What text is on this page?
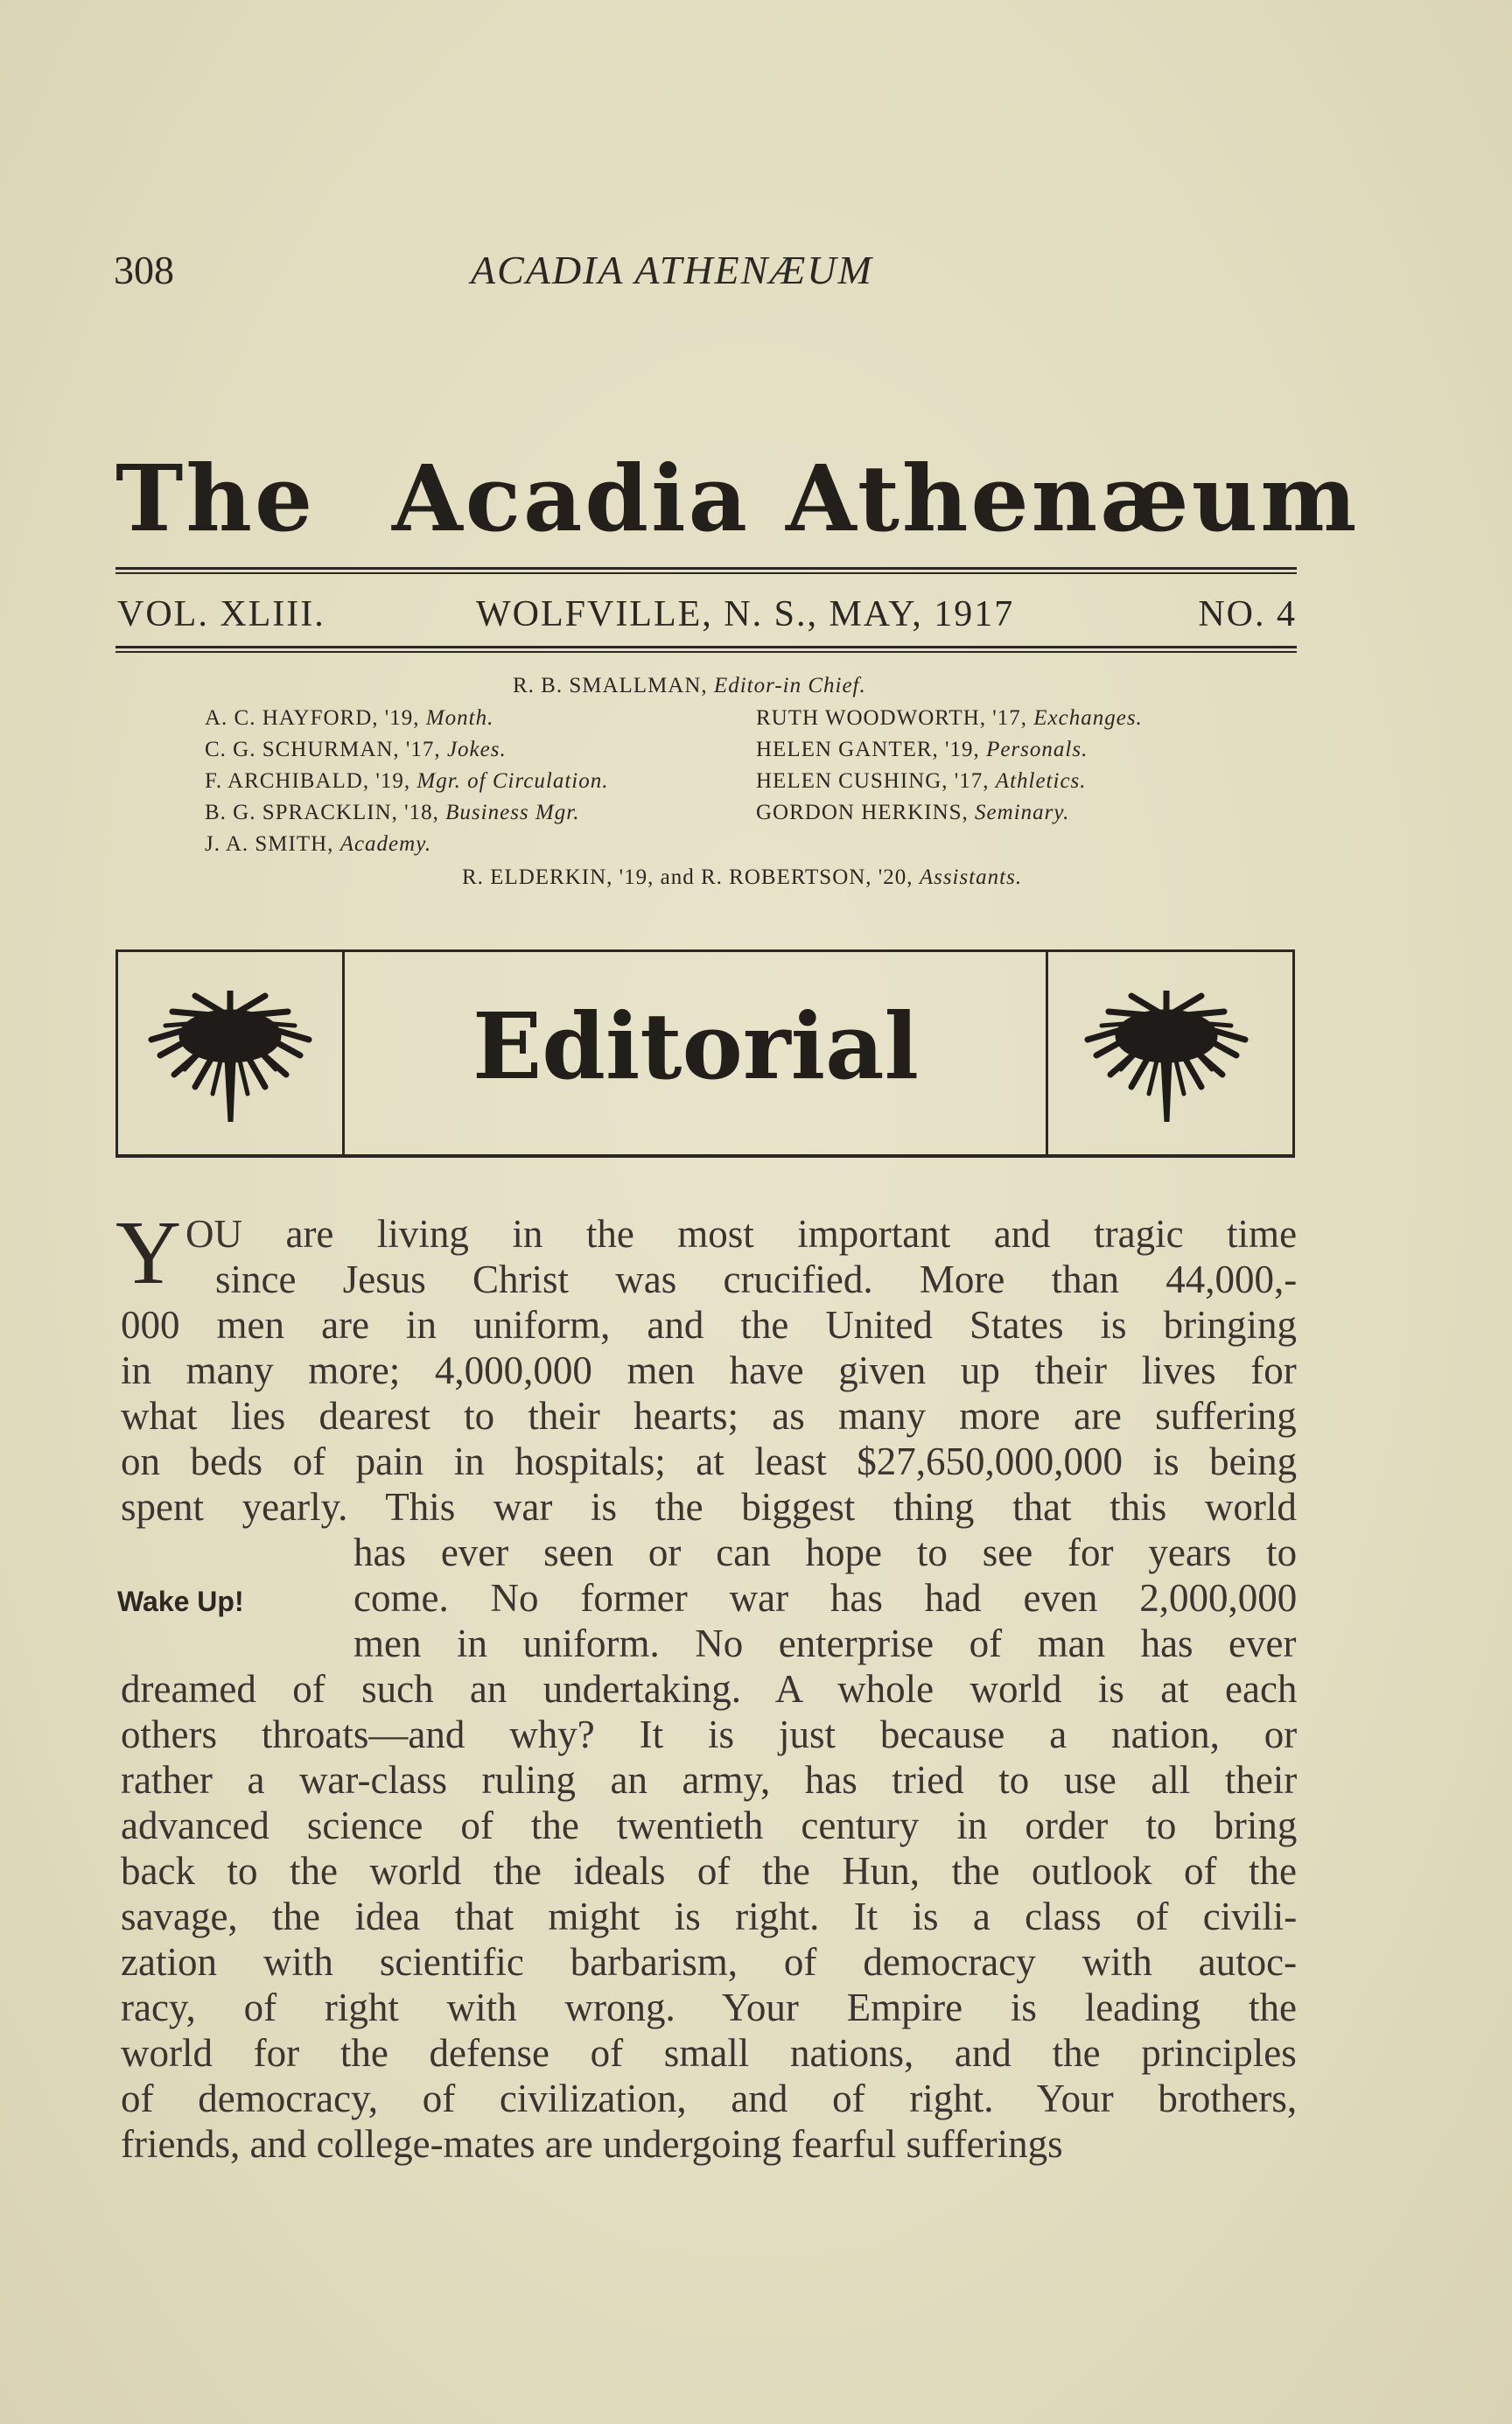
308	ACADIA ATHENÆUM
The Acadia Athenæum
VOL. XLIII.	WOLFVILLE, N. S., MAY, 1917	NO. 4
R. B. SMALLMAN, Editor-in Chief.
A. C. HAYFORD, '19, Month.
C. G. SCHURMAN, '17, Jokes.
F. ARCHIBALD, '19, Mgr. of Circulation.
B. G. SPRACKLIN, '18, Business Mgr.
J. A. SMITH, Academy.
RUTH WOODWORTH, '17, Exchanges.
HELEN GANTER, '19, Personals.
HELEN CUSHING, '17, Athletics.
GORDON HERKINS, Seminary.
R. ELDERKIN, '19, and R. ROBERTSON, '20, Assistants.
Editorial
Y OU are living in the most important and tragic time
since Jesus Christ was crucified. More than 44,000,-
000 men are in uniform, and the United States is bringing
in many more; 4,000,000 men have given up their lives for
what lies dearest to their hearts; as many more are suffering
on beds of pain in hospitals; at least $27,650,000,000 is being
spent yearly. This war is the biggest thing that this world
has ever seen or can hope to see for years to
Wake Up!	come. No former war has had even 2,000,000
men in uniform. No enterprise of man has ever
dreamed of such an undertaking. A whole world is at each
others throats—and why? It is just because a nation, or
rather a war-class ruling an army, has tried to use all their
advanced science of the twentieth century in order to bring
back to the world the ideals of the Hun, the outlook of the
savage, the idea that might is right. It is a class of civili-
zation with scientific barbarism, of democracy with autoc-
racy, of right with wrong. Your Empire is leading the
world for the defense of small nations, and the principles
of democracy, of civilization, and of right. Your brothers,
friends, and college-mates are undergoing fearful sufferings
